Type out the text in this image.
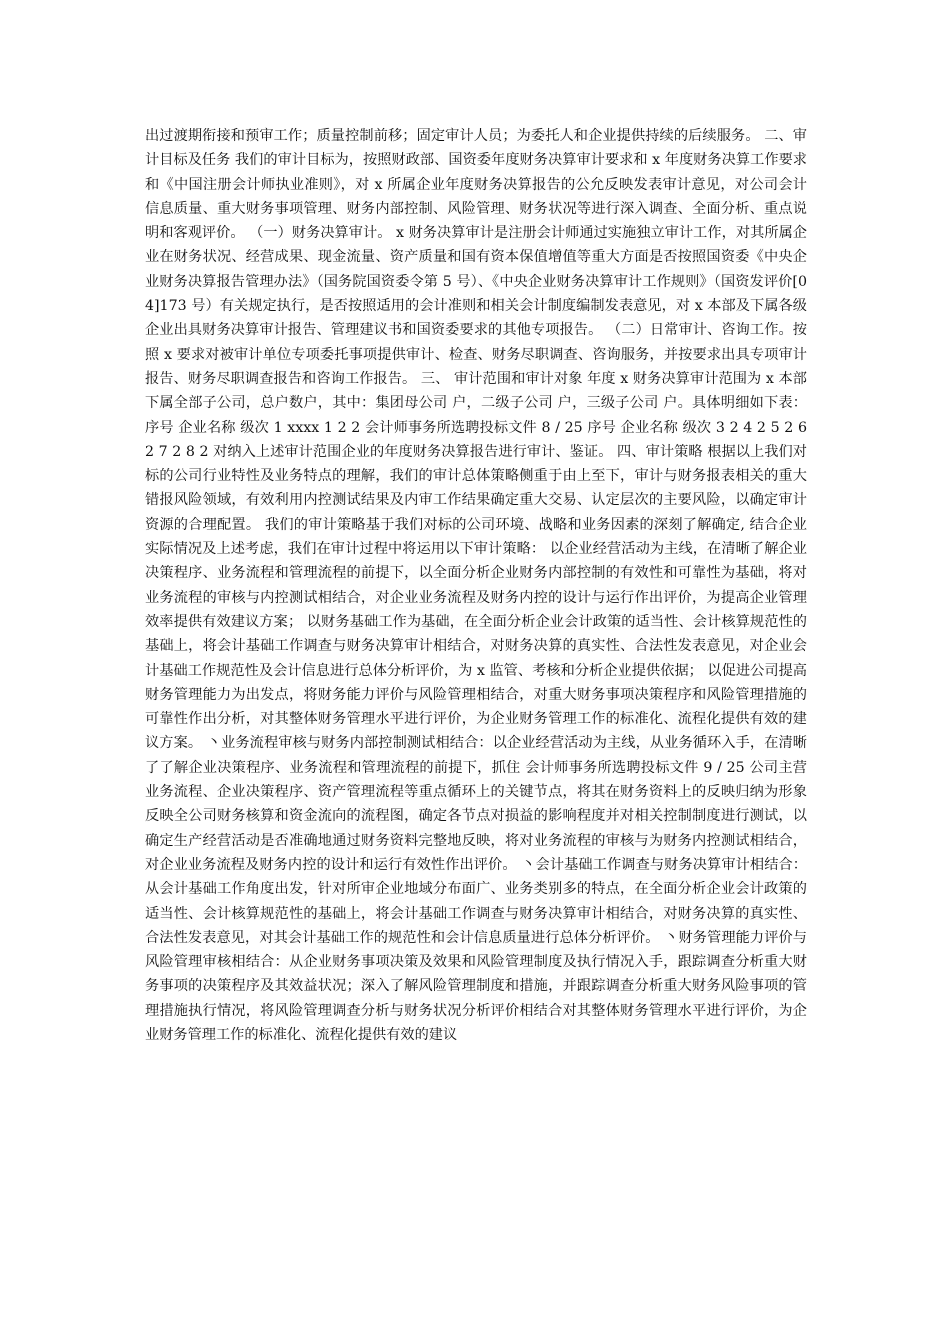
出过渡期衔接和预审工作；质量控制前移；固定审计人员；为委托人和企业提供持续的后续服务。 二、审计目标及任务 我们的审计目标为，按照财政部、国资委年度财务决算审计要求和 x 年度财务决算工作要求和《中国注册会计师执业准则》，对 x 所属企业年度财务决算报告的公允反映发表审计意见，对公司会计信息质量、重大财务事项管理、财务内部控制、风险管理、财务状况等进行深入调查、全面分析、重点说明和客观评价。 （一）财务决算审计。 x 财务决算审计是注册会计师通过实施独立审计工作，对其所属企业在财务状况、经营成果、现金流量、资产质量和国有资本保值增值等重大方面是否按照国资委《中央企业财务决算报告管理办法》（国务院国资委令第 5 号）、《中央企业财务决算审计工作规则》（国资发评价[04]173 号）有关规定执行，是否按照适用的会计准则和相关会计制度编制发表意见，对 x 本部及下属各级企业出具财务决算审计报告、管理建议书和国资委要求的其他专项报告。 （二）日常审计、咨询工作。按照 x 要求对被审计单位专项委托事项提供审计、检查、财务尽职调查、咨询服务，并按要求出具专项审计报告、财务尽职调查报告和咨询工作报告。 三、 审计范围和审计对象 年度 x 财务决算审计范围为 x 本部下属全部子公司，总户数户，其中：集团母公司 户，二级子公司 户，三级子公司 户。具体明细如下表： 序号 企业名称 级次 1 xxxx 1 2 2 会计师事务所选聘投标文件 8 / 25 序号 企业名称 级次 3 2 4 2 5 2 6 2 7 2 8 2 对纳入上述审计范围企业的年度财务决算报告进行审计、鉴证。 四、审计策略 根据以上我们对标的公司行业特性及业务特点的理解，我们的审计总体策略侧重于由上至下，审计与财务报表相关的重大错报风险领域，有效利用内控测试结果及内审工作结果确定重大交易、认定层次的主要风险，以确定审计资源的合理配置。 我们的审计策略基于我们对标的公司环境、战略和业务因素的深刻了解确定, 结合企业实际情况及上述考虑，我们在审计过程中将运用以下审计策略： 以企业经营活动为主线，在清晰了解企业决策程序、业务流程和管理流程的前提下，以全面分析企业财务内部控制的有效性和可靠性为基础，将对业务流程的审核与内控测试相结合，对企业业务流程及财务内控的设计与运行作出评价，为提高企业管理效率提供有效建议方案； 以财务基础工作为基础，在全面分析企业会计政策的适当性、会计核算规范性的基础上，将会计基础工作调查与财务决算审计相结合，对财务决算的真实性、合法性发表意见，对企业会计基础工作规范性及会计信息进行总体分析评价，为 x 监管、考核和分析企业提供依据； 以促进公司提高财务管理能力为出发点，将财务能力评价与风险管理相结合，对重大财务事项决策程序和风险管理措施的可靠性作出分析，对其整体财务管理水平进行评价，为企业财务管理工作的标准化、流程化提供有效的建议方案。 丶业务流程审核与财务内部控制测试相结合：以企业经营活动为主线，从业务循环入手，在清晰了了解企业决策程序、业务流程和管理流程的前提下，抓住 会计师事务所选聘投标文件 9 / 25 公司主营业务流程、企业决策程序、资产管理流程等重点循环上的关键节点，将其在财务资料上的反映归纳为形象反映全公司财务核算和资金流向的流程图，确定各节点对损益的影响程度并对相关控制制度进行测试，以确定生产经营活动是否准确地通过财务资料完整地反映，将对业务流程的审核与为财务内控测试相结合，对企业业务流程及财务内控的设计和运行有效性作出评价。 丶会计基础工作调查与财务决算审计相结合：从会计基础工作角度出发，针对所审企业地域分布面广、业务类别多的特点，在全面分析企业会计政策的适当性、会计核算规范性的基础上，将会计基础工作调查与财务决算审计相结合，对财务决算的真实性、合法性发表意见，对其会计基础工作的规范性和会计信息质量进行总体分析评价。 丶财务管理能力评价与风险管理审核相结合：从企业财务事项决策及效果和风险管理制度及执行情况入手，跟踪调查分析重大财务事项的决策程序及其效益状况；深入了解风险管理制度和措施，并跟踪调查分析重大财务风险事项的管理措施执行情况，将风险管理调查分析与财务状况分析评价相结合对其整体财务管理水平进行评价，为企业财务管理工作的标准化、流程化提供有效的建议
